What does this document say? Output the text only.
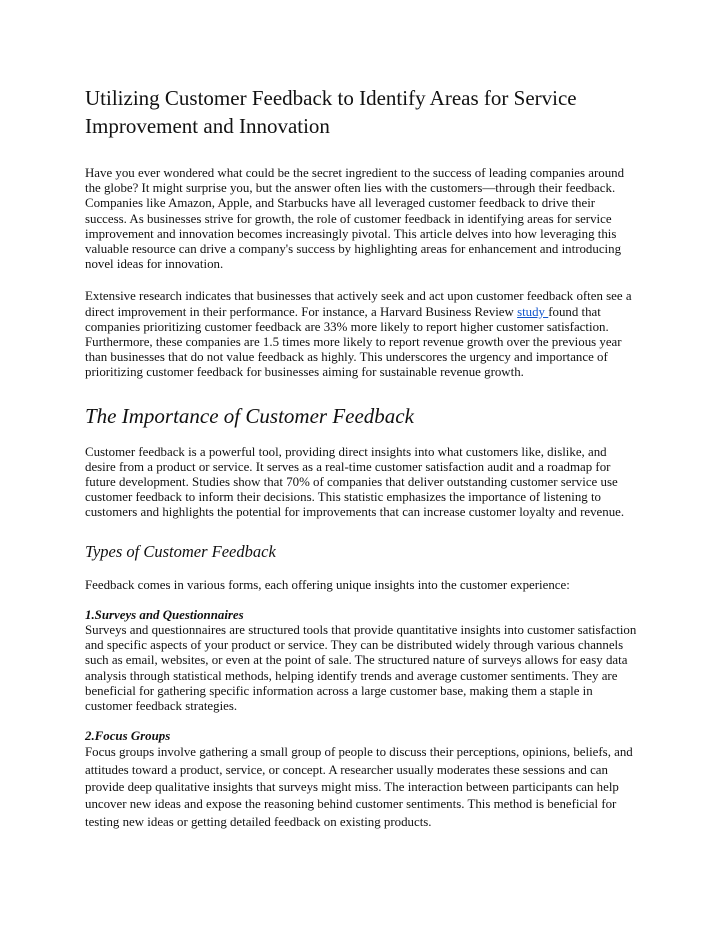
Utilizing Customer Feedback to Identify Areas for Service Improvement and Innovation

Have you ever wondered what could be the secret ingredient to the success of leading companies around the globe? It might surprise you, but the answer often lies with the customers—through their feedback. Companies like Amazon, Apple, and Starbucks have all leveraged customer feedback to drive their success. As businesses strive for growth, the role of customer feedback in identifying areas for service improvement and innovation becomes increasingly pivotal. This article delves into how leveraging this valuable resource can drive a company's success by highlighting areas for enhancement and introducing novel ideas for innovation.

Extensive research indicates that businesses that actively seek and act upon customer feedback often see a direct improvement in their performance. For instance, a Harvard Business Review study found that companies prioritizing customer feedback are 33% more likely to report higher customer satisfaction. Furthermore, these companies are 1.5 times more likely to report revenue growth over the previous year than businesses that do not value feedback as highly. This underscores the urgency and importance of prioritizing customer feedback for businesses aiming for sustainable revenue growth.

The Importance of Customer Feedback

Customer feedback is a powerful tool, providing direct insights into what customers like, dislike, and desire from a product or service. It serves as a real-time customer satisfaction audit and a roadmap for future development. Studies show that 70% of companies that deliver outstanding customer service use customer feedback to inform their decisions. This statistic emphasizes the importance of listening to customers and highlights the potential for improvements that can increase customer loyalty and revenue.

Types of Customer Feedback

Feedback comes in various forms, each offering unique insights into the customer experience:

1.Surveys and Questionnaires
Surveys and questionnaires are structured tools that provide quantitative insights into customer satisfaction and specific aspects of your product or service. They can be distributed widely through various channels such as email, websites, or even at the point of sale. The structured nature of surveys allows for easy data analysis through statistical methods, helping identify trends and average customer sentiments. They are beneficial for gathering specific information across a large customer base, making them a staple in customer feedback strategies.

2.Focus Groups
Focus groups involve gathering a small group of people to discuss their perceptions, opinions, beliefs, and attitudes toward a product, service, or concept. A researcher usually moderates these sessions and can provide deep qualitative insights that surveys might miss. The interaction between participants can help uncover new ideas and expose the reasoning behind customer sentiments. This method is beneficial for testing new ideas or getting detailed feedback on existing products.
